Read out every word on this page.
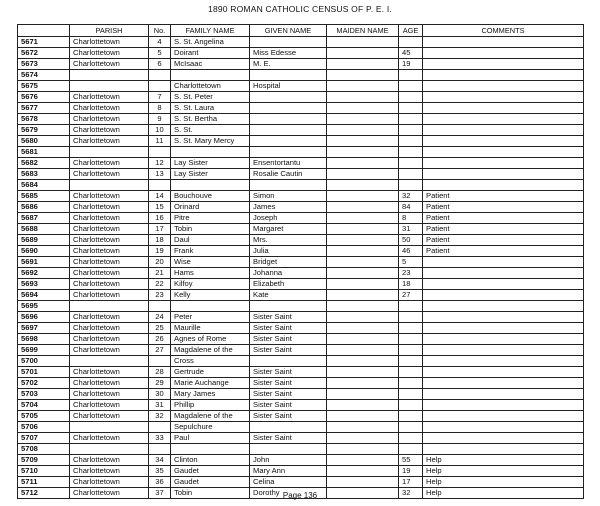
1890 ROMAN CATHOLIC CENSUS OF P. E. I.
	PARISH	No.	FAMILY NAME	GIVEN NAME	MAIDEN NAME	AGE	COMMENTS
5671	Charlottetown	4	S. St. Angelina				
5672	Charlottetown	5	Doirant	Miss Edesse		45	
5673	Charlottetown	6	McIsaac	M. E.		19	
5674							
5675			Charlottetown	Hospital			
5676	Charlottetown	7	S. St. Peter				
5677	Charlottetown	8	S. St. Laura				
5678	Charlottetown	9	S. St. Bertha				
5679	Charlottetown	10	S. St.				
5680	Charlottetown	11	S. St. Mary Mercy				
5681							
5682	Charlottetown	12	Lay Sister	Ensentortantu			
5683	Charlottetown	13	Lay Sister	Rosalie Cautin			
5684							
5685	Charlottetown	14	Bouchouve	Simon		32	Patient
5686	Charlottetown	15	Orinard	James		84	Patient
5687	Charlottetown	16	Pitre	Joseph		8	Patient
5688	Charlottetown	17	Tobin	Margaret		31	Patient
5689	Charlottetown	18	Daul	Mrs.		50	Patient
5690	Charlottetown	19	Frank	Julia		46	Patient
5691	Charlottetown	20	Wise	Bridget		5	
5692	Charlottetown	21	Hams	Johanna		23	
5693	Charlottetown	22	Kilfoy	Elizabeth		18	
5694	Charlottetown	23	Kelly	Kate		27	
5695							
5696	Charlottetown	24	Peter	Sister Saint			
5697	Charlottetown	25	Maurille	Sister Saint			
5698	Charlottetown	26	Agnes of Rome	Sister Saint			
5699	Charlottetown	27	Magdalene of the	Sister Saint			
5700			Cross				
5701	Charlottetown	28	Gertrude	Sister Saint			
5702	Charlottetown	29	Marie Auchange	Sister Saint			
5703	Charlottetown	30	Mary James	Sister Saint			
5704	Charlottetown	31	Phillip	Sister Saint			
5705	Charlottetown	32	Magdalene of the	Sister Saint			
5706			Sepulchure				
5707	Charlottetown	33	Paul	Sister Saint			
5708							
5709	Charlottetown	34	Clinton	John		55	Help
5710	Charlottetown	35	Gaudet	Mary Ann		19	Help
5711	Charlottetown	36	Gaudet	Celina		17	Help
5712	Charlottetown	37	Tobin	Dorothy		32	Help
Page 136
